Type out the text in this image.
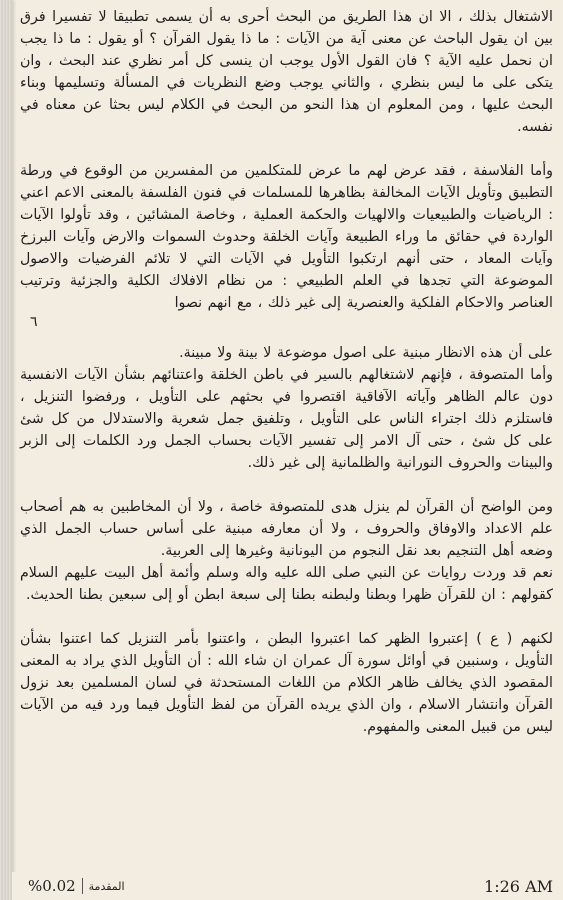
الاشتغال بذلك ، الا ان هذا الطريق من البحث أحرى به أن يسمى تطبيقا لا تفسيرا فرق بين ان يقول الباحث عن معنى آية من الآيات : ما ذا يقول القرآن ؟ أو يقول : ما ذا يجب ان نحمل عليه الآية ؟ فان القول الأول يوجب ان ينسى كل أمر نظري عند البحث ، وان يتكى على ما ليس بنظري ، والثاني يوجب وضع النظريات في المسألة وتسليمها وبناء البحث عليها ، ومن المعلوم ان هذا النحو من البحث في الكلام ليس بحثا عن معناه في نفسه.

وأما الفلاسفة ، فقد عرض لهم ما عرض للمتكلمين من المفسرين من الوقوع في ورطة التطبيق وتأويل الآيات المخالفة بظاهرها للمسلمات في فنون الفلسفة بالمعنى الاعم اعني : الرياضيات والطبيعيات والالهيات والحكمة العملية ، وخاصة المشائين ، وقد تأولوا الآيات الواردة في حقائق ما وراء الطبيعة وآيات الخلقة وحدوث السموات والارض وآيات البرزخ وآيات المعاد ، حتى أنهم ارتكبوا التأويل في الآيات التي لا تلائم الفرضيات والاصول الموضوعة التي تجدها في العلم الطبيعي : من نظام الافلاك الكلية والجزئية وترتيب العناصر والاحكام الفلكية والعنصرية إلى غير ذلك ، مع انهم نصوا

٦

على أن هذه الانظار مبنية على اصول موضوعة لا بينة ولا مبينة.

وأما المتصوفة ، فإنهم لاشتغالهم بالسير في باطن الخلقة واعتنائهم بشأن الآيات الانفسية دون عالم الظاهر وآياته الآفاقية اقتصروا في بحثهم على التأويل ، ورفضوا التنزيل ، فاستلزم ذلك اجتراء الناس على التأويل ، وتلفيق جمل شعرية والاستدلال من كل شئ على كل شئ ، حتى آل الامر إلى تفسير الآيات بحساب الجمل ورد الكلمات إلى الزبر والبينات والحروف النورانية والظلمانية إلى غير ذلك.

ومن الواضح أن القرآن لم ينزل هدى للمتصوفة خاصة ، ولا أن المخاطبين به هم أصحاب علم الاعداد والاوفاق والحروف ، ولا أن معارفه مبنية على أساس حساب الجمل الذي وضعه أهل التنجيم بعد نقل النجوم من اليونانية وغيرها إلى العربية.

نعم قد وردت روايات عن النبي صلى الله عليه واله وسلم وأئمة أهل البيت عليهم السلام كقولهم : ان للقرآن ظهرا وبطنا ولبطنه بطنا إلى سبعة ابطن أو إلى سبعين بطنا الحديث.

لكنهم ( ع ) إعتبروا الظهر كما اعتبروا البطن ، واعتنوا بأمر التنزيل كما اعتنوا بشأن التأويل ، وسنبين في أوائل سورة آل عمران ان شاء الله : أن التأويل الذي يراد به المعنى المقصود الذي يخالف ظاهر الكلام من اللغات المستحدثة في لسان المسلمين بعد نزول القرآن وانتشار الاسلام ، وان الذي يريده القرآن من لفظ التأويل فيما ورد فيه من الآيات ليس من قبيل المعنى والمفهوم.

%0.02 المقدمة	1:26 AM
